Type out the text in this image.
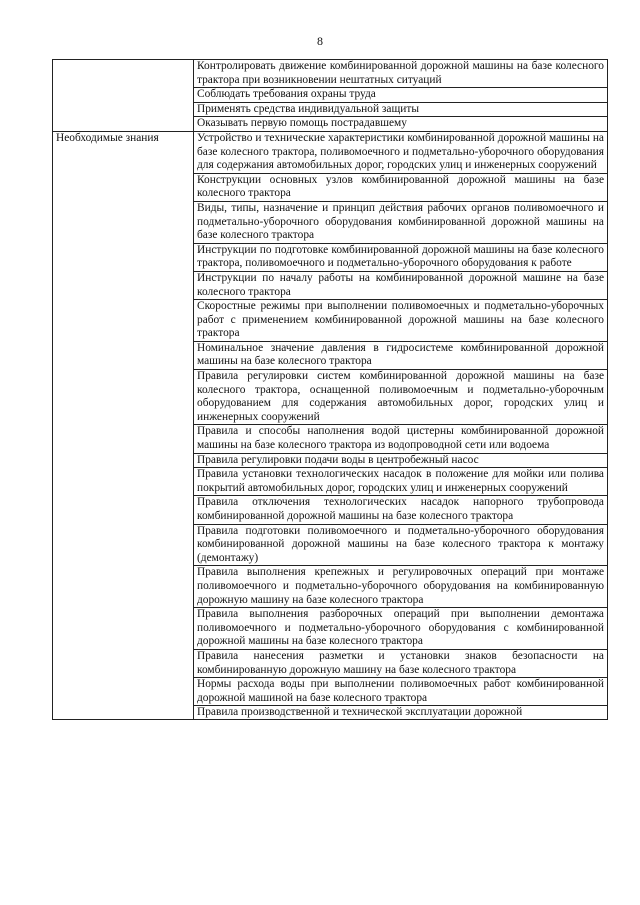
8
	Контролировать движение комбинированной дорожной машины на базе колесного трактора при возникновении нештатных ситуаций
	Соблюдать требования охраны труда
	Применять средства индивидуальной защиты
	Оказывать первую помощь пострадавшему
Необходимые знания	Устройство и технические характеристики комбинированной дорожной машины на базе колесного трактора, поливомоечного и подметально-уборочного оборудования для содержания автомобильных дорог, городских улиц и инженерных сооружений
	Конструкции основных узлов комбинированной дорожной машины на базе колесного трактора
	Виды, типы, назначение и принцип действия рабочих органов поливомоечного и подметально-уборочного оборудования комбинированной дорожной машины на базе колесного трактора
	Инструкции по подготовке комбинированной дорожной машины на базе колесного трактора, поливомоечного и подметально-уборочного оборудования к работе
	Инструкции по началу работы на комбинированной дорожной машине на базе колесного трактора
	Скоростные режимы при выполнении поливомоечных и подметально-уборочных работ с применением комбинированной дорожной машины на базе колесного трактора
	Номинальное значение давления в гидросистеме комбинированной дорожной машины на базе колесного трактора
	Правила регулировки систем комбинированной дорожной машины на базе колесного трактора, оснащенной поливомоечным и подметально-уборочным оборудованием для содержания автомобильных дорог, городских улиц и инженерных сооружений
	Правила и способы наполнения водой цистерны комбинированной дорожной машины на базе колесного трактора из водопроводной сети или водоема
	Правила регулировки подачи воды в центробежный насос
	Правила установки технологических насадок в положение для мойки или полива покрытий автомобильных дорог, городских улиц и инженерных сооружений
	Правила отключения технологических насадок напорного трубопровода комбинированной дорожной машины на базе колесного трактора
	Правила подготовки поливомоечного и подметально-уборочного оборудования комбинированной дорожной машины на базе колесного трактора к монтажу (демонтажу)
	Правила выполнения крепежных и регулировочных операций при монтаже поливомоечного и подметально-уборочного оборудования на комбинированную дорожную машину на базе колесного трактора
	Правила выполнения разборочных операций при выполнении демонтажа поливомоечного и подметально-уборочного оборудования с комбинированной дорожной машины на базе колесного трактора
	Правила нанесения разметки и установки знаков безопасности на комбинированную дорожную машину на базе колесного трактора
	Нормы расхода воды при выполнении поливомоечных работ комбинированной дорожной машиной на базе колесного трактора

	Правила производственной и технической эксплуатации дорожной
